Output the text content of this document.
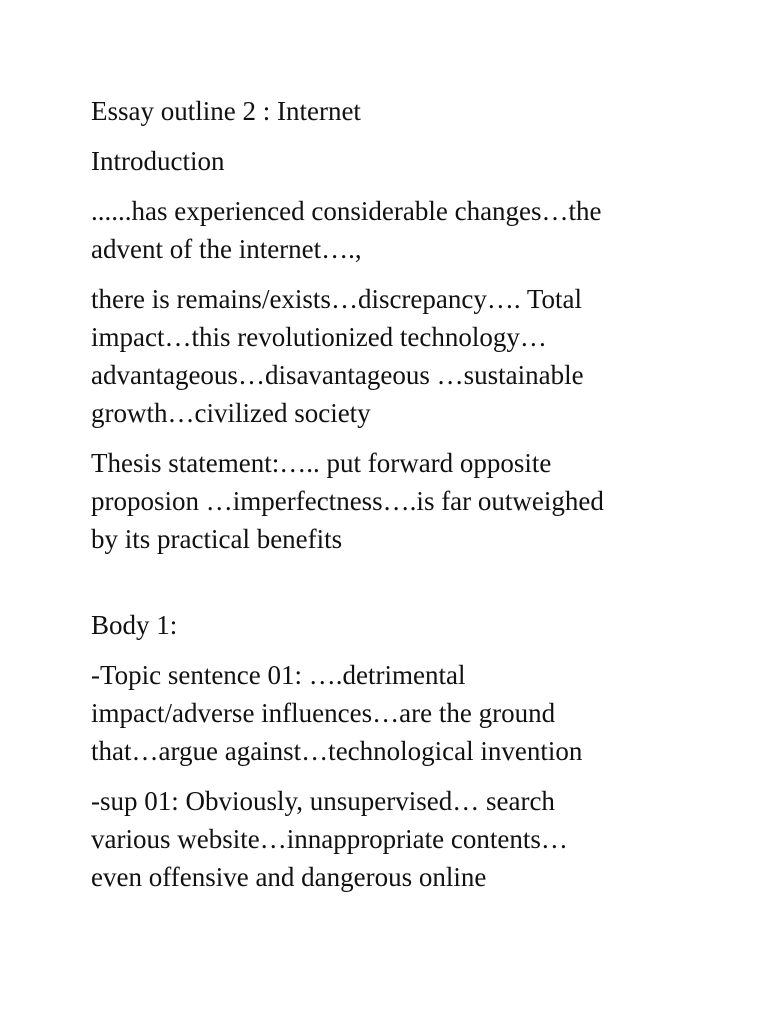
Essay outline 2 : Internet

Introduction

......has experienced considerable changes…the
advent of the internet….,

there is remains/exists…discrepancy…. Total
impact…this revolutionized technology…
advantageous…disavantageous …sustainable
growth…civilized society

Thesis statement:….. put forward opposite
proposion …imperfectness….is far outweighed
by its practical benefits

Body 1:

-Topic sentence 01: ….detrimental
impact/adverse influences…are the ground
that…argue against…technological invention

-sup 01: Obviously, unsupervised… search
various website…innappropriate contents…
even offensive and dangerous online
